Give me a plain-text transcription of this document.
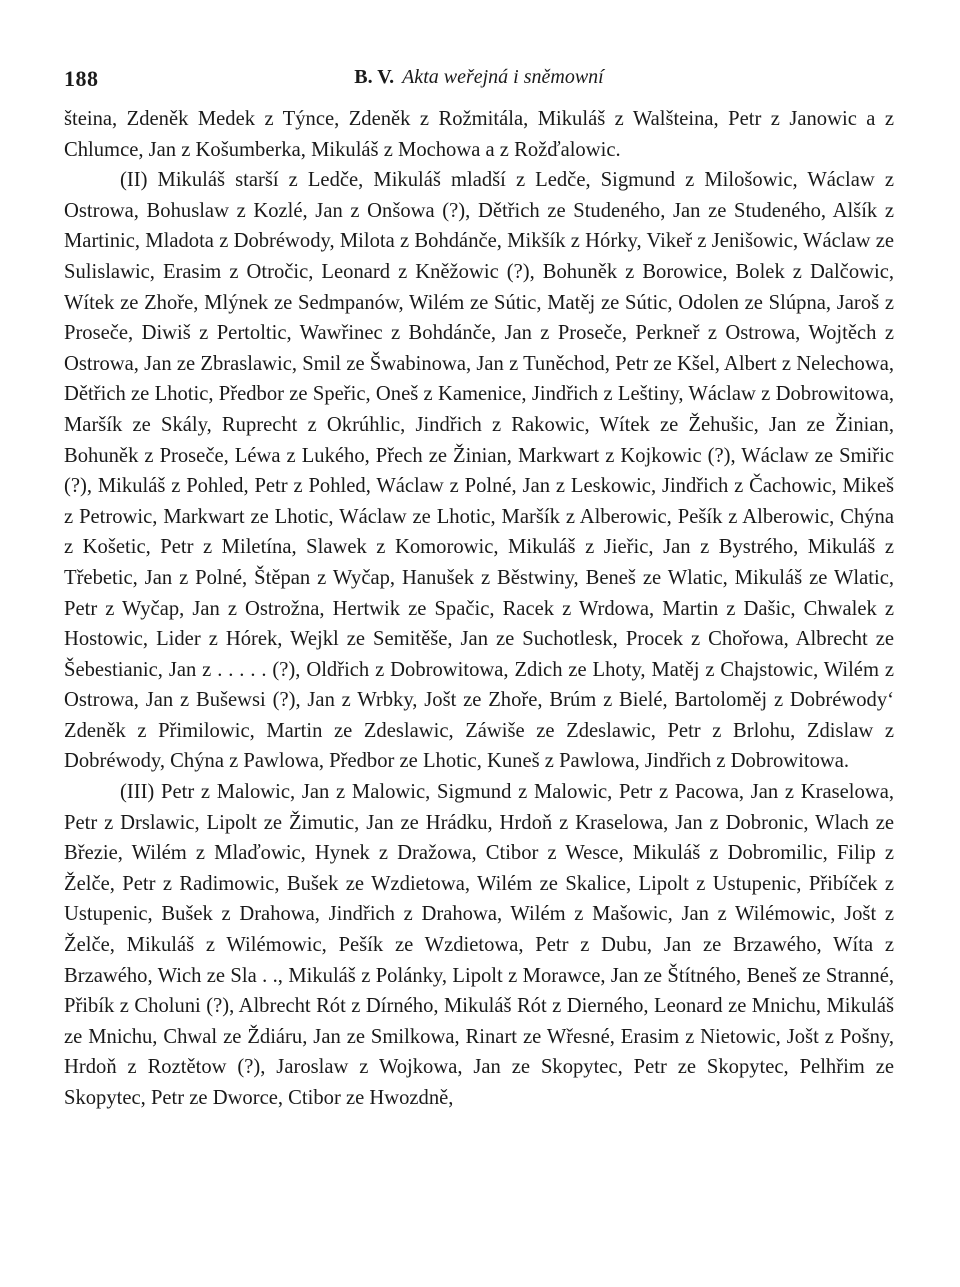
188	B. V. Akta weřejná i sněmowní

šteina, Zdeněk Medek z Týnce, Zdeněk z Rožmitála, Mikuláš z Walšteina, Petr z Janowic a z Chlumce, Jan z Košumberka, Mikuláš z Mochowa a z Rožďalowic.

(II) Mikuláš starší z Ledče, Mikuláš mladší z Ledče, Sigmund z Milošowic, Wáclaw z Ostrowa, Bohuslaw z Kozlé, Jan z Onšowa (?), Dětřich ze Studeného, Jan ze Studeného, Alšík z Martinic, Mladota z Dobréwody, Milota z Bohdánče, Mikšík z Hórky, Vikeř z Jenišowic, Wáclaw ze Sulislawic, Erasim z Otročic, Leonard z Kněžowic (?), Bohuněk z Borowice, Bolek z Dalčowic, Wítek ze Zhoře, Mlýnek ze Sedmpanów, Wilém ze Sútic, Matěj ze Sútic, Odolen ze Slúpna, Jaroš z Proseče, Diwiš z Pertoltic, Wawřinec z Bohdánče, Jan z Proseče, Perkneř z Ostrowa, Wojtěch z Ostrowa, Jan ze Zbraslawic, Smil ze Šwabinowa, Jan z Tuněchod, Petr ze Kšel, Albert z Nelechowa, Dětřich ze Lhotic, Předbor ze Speřic, Oneš z Kamenice, Jindřich z Leštiny, Wáclaw z Dobrowitowa, Maršík ze Skály, Ruprecht z Okrúhlic, Jindřich z Rakowic, Wítek ze Žehušic, Jan ze Žinian, Bohuněk z Proseče, Léwa z Lukého, Přech ze Žinian, Markwart z Kojkowic (?), Wáclaw ze Smiřic (?), Mikuláš z Pohled, Petr z Pohled, Wáclaw z Polné, Jan z Leskowic, Jindřich z Čachowic, Mikeš z Petrowic, Markwart ze Lhotic, Wáclaw ze Lhotic, Maršík z Alberowic, Pešík z Alberowic, Chýna z Košetic, Petr z Miletína, Slawek z Komorowic, Mikuláš z Jieřic, Jan z Bystrého, Mikuláš z Třebetic, Jan z Polné, Štěpan z Wyčap, Hanušek z Běstwiny, Beneš ze Wlatic, Mikuláš ze Wlatic, Petr z Wyčap, Jan z Ostrožna, Hertwik ze Spačic, Racek z Wrdowa, Martin z Dašic, Chwalek z Hostowic, Lider z Hórek, Wejkl ze Semitěše, Jan ze Suchotlesk, Procek z Chořowa, Albrecht ze Šebestianic, Jan z . . . . . (?), Oldřich z Dobrowitowa, Zdich ze Lhoty, Matěj z Chajstowic, Wilém z Ostrowa, Jan z Bušewsi (?), Jan z Wrbky, Jošt ze Zhoře, Brúm z Bielé, Bartoloměj z Dobréwody‘ Zdeněk z Přimilowic, Martin ze Zdeslawic, Záwiše ze Zdeslawic, Petr z Brlohu, Zdislaw z Dobréwody, Chýna z Pawlowa, Předbor ze Lhotic, Kuneš z Pawlowa, Jindřich z Dobrowitowa.

(III) Petr z Malowic, Jan z Malowic, Sigmund z Malowic, Petr z Pacowa, Jan z Kraselowa, Petr z Drslawic, Lipolt ze Žimutic, Jan ze Hrádku, Hrdoň z Kraselowa, Jan z Dobronic, Wlach ze Březie, Wilém z Mlaďowic, Hynek z Dražowa, Ctibor z Wesce, Mikuláš z Dobromilic, Filip z Želče, Petr z Radimowic, Bušek ze Wzdietowa, Wilém ze Skalice, Lipolt z Ustupenic, Přibíček z Ustupenic, Bušek z Drahowa, Jindřich z Drahowa, Wilém z Mašowic, Jan z Wilémowic, Jošt z Želče, Mikuláš z Wilémowic, Pešík ze Wzdietowa, Petr z Dubu, Jan ze Brzawého, Wíta z Brzawého, Wich ze Sla . ., Mikuláš z Polánky, Lipolt z Morawce, Jan ze Štítného, Beneš ze Stranné, Přibík z Choluni (?), Albrecht Rót z Dírného, Mikuláš Rót z Dierného, Leonard ze Mnichu, Mikuláš ze Mnichu, Chwal ze Ždiáru, Jan ze Smilkowa, Rinart ze Wřesné, Erasim z Nietowic, Jošt z Pošny, Hrdoň z Roztětow (?), Jaroslaw z Wojkowa, Jan ze Skopytec, Petr ze Skopytec, Pelhřim ze Skopytec, Petr ze Dworce, Ctibor ze Hwozdně,
